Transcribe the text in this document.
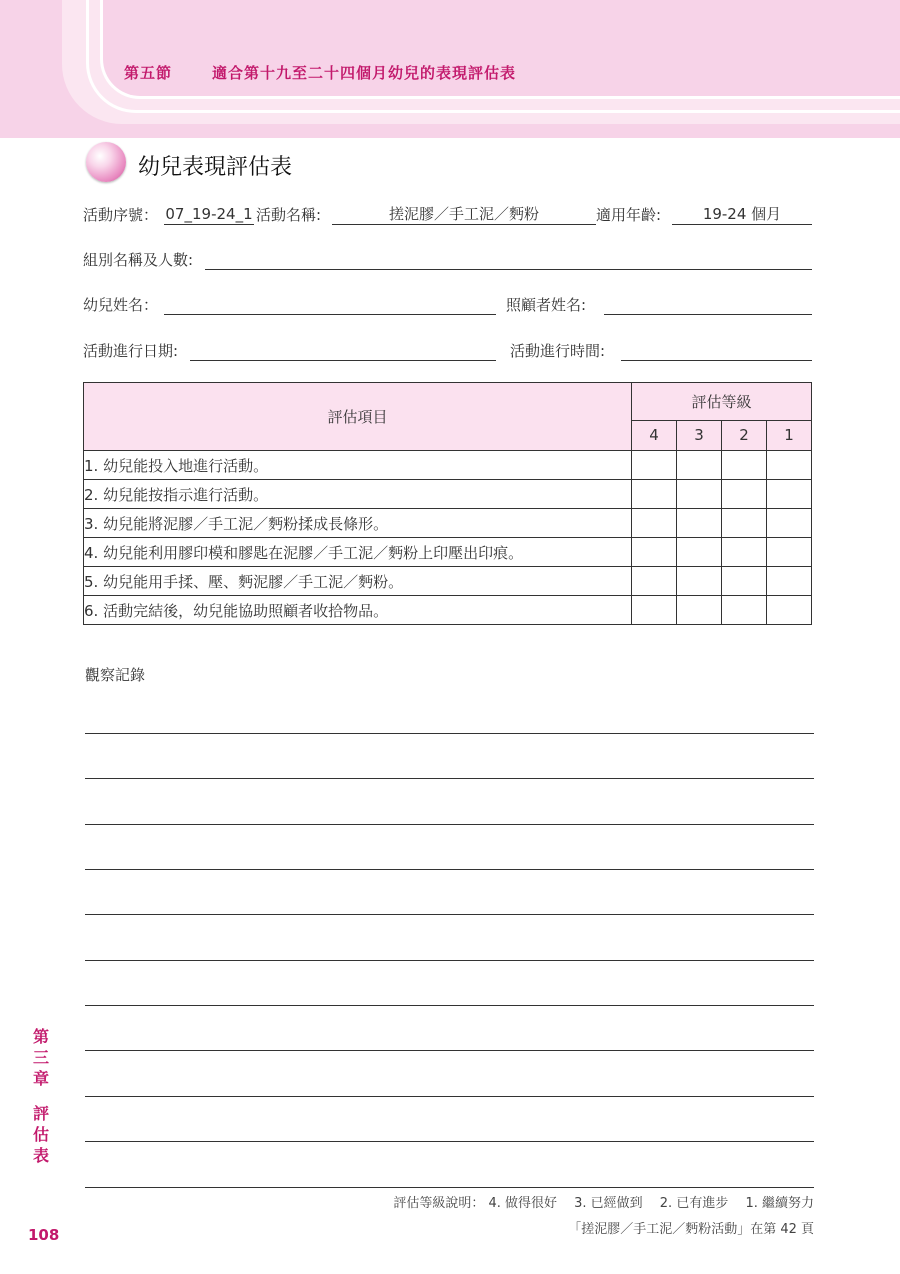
第五節	適合第十九至二十四個月幼兒的表現評估表
幼兒表現評估表
活動序號： 07_19-24_1 活動名稱:	搓泥膠／手工泥／麪粉	適用年齡:	19-24 個月
組別名稱及人數:
幼兒姓名：	照顧者姓名:
活動進行日期:	活動進行時間:
評估項目	評估等級			
	4	3	2	1
1. 幼兒能投入地進行活動。				
2. 幼兒能按指示進行活動。				
3. 幼兒能將泥膠／手工泥／麪粉揉成長條形。				
4. 幼兒能利用膠印模和膠匙在泥膠／手工泥／麪粉上印壓出印痕。				
5. 幼兒能用手揉、壓、麪泥膠／手工泥／麪粉。				
6. 活動完結後，幼兒能協助照顧者收拾物品。				
觀察記錄
第
三
章
評
估
表
108
評估等級說明： 4. 做得很好　 3. 已經做到　 2. 已有進步　 1. 繼續努力
「搓泥膠／手工泥／麪粉活動」在第 42 頁
